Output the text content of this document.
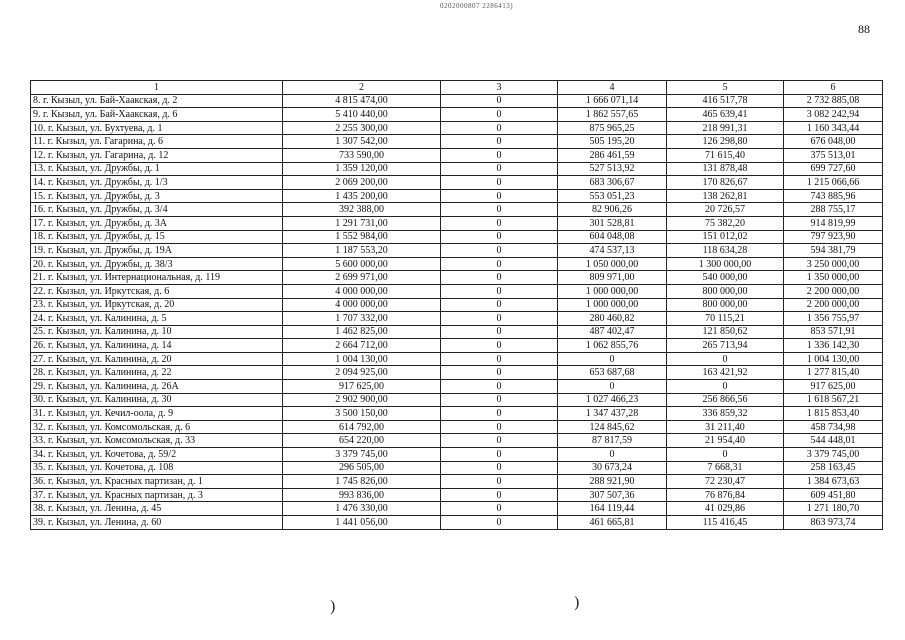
0202000807 2286413)
88
1	2	3	4	5	6
8. г. Кызыл, ул. Бай-Хаакская, д. 2	4 815 474,00	0	1 666 071,14	416 517,78	2 732 885,08
9. г. Кызыл, ул. Бай-Хаакская, д. 6	5 410 440,00	0	1 862 557,65	465 639,41	3 082 242,94
10. г. Кызыл, ул. Бухтуева, д. 1	2 255 300,00	0	875 965,25	218 991,31	1 160 343,44
11. г. Кызыл, ул. Гагарина, д. 6	1 307 542,00	0	505 195,20	126 298,80	676 048,00
12. г. Кызыл, ул. Гагарина, д. 12	733 590,00	0	286 461,59	71 615,40	375 513,01
13. г. Кызыл, ул. Дружбы, д. 1	1 359 120,00	0	527 513,92	131 878,48	699 727,60
14. г. Кызыл, ул. Дружбы, д. 1/3	2 069 200,00	0	683 306,67	170 826,67	1 215 066,66
15. г. Кызыл, ул. Дружбы, д. 3	1 435 200,00	0	553 051,23	138 262,81	743 885,96
16. г. Кызыл, ул. Дружбы, д. 3/4	392 388,00	0	82 906,26	20 726,57	288 755,17
17. г. Кызыл, ул. Дружбы, д. 3А	1 291 731,00	0	301 528,81	75 382,20	914 819,99
18. г. Кызыл, ул. Дружбы, д. 15	1 552 984,00	0	604 048,08	151 012,02	797 923,90
19. г. Кызыл, ул. Дружбы, д. 19А	1 187 553,20	0	474 537,13	118 634,28	594 381,79
20. г. Кызыл, ул. Дружбы, д. 38/3	5 600 000,00	0	1 050 000,00	1 300 000,00	3 250 000,00
21. г. Кызыл, ул. Интернациональная, д. 119	2 699 971,00	0	809 971,00	540 000,00	1 350 000,00
22. г. Кызыл, ул. Иркутская, д. 6	4 000 000,00	0	1 000 000,00	800 000,00	2 200 000,00
23. г. Кызыл, ул. Иркутская, д. 20	4 000 000,00	0	1 000 000,00	800 000,00	2 200 000,00
24. г. Кызыл, ул. Калинина, д. 5	1 707 332,00	0	280 460,82	70 115,21	1 356 755,97
25. г. Кызыл, ул. Калинина, д. 10	1 462 825,00	0	487 402,47	121 850,62	853 571,91
26. г. Кызыл, ул. Калинина, д. 14	2 664 712,00	0	1 062 855,76	265 713,94	1 336 142,30
27. г. Кызыл, ул. Калинина, д. 20	1 004 130,00	0	0	0	1 004 130,00
28. г. Кызыл, ул. Калинина, д. 22	2 094 925,00	0	653 687,68	163 421,92	1 277 815,40
29. г. Кызыл, ул. Калинина, д. 26А	917 625,00	0	0	0	917 625,00
30. г. Кызыл, ул. Калинина, д. 30	2 902 900,00	0	1 027 466,23	256 866,56	1 618 567,21
31. г. Кызыл, ул. Кечил-оола, д. 9	3 500 150,00	0	1 347 437,28	336 859,32	1 815 853,40
32. г. Кызыл, ул. Комсомольская, д. 6	614 792,00	0	124 845,62	31 211,40	458 734,98
33. г. Кызыл, ул. Комсомольская, д. 33	654 220,00	0	87 817,59	21 954,40	544 448,01
34. г. Кызыл, ул. Кочетова, д. 59/2	3 379 745,00	0	0	0	3 379 745,00
35. г. Кызыл, ул. Кочетова, д. 108	296 505,00	0	30 673,24	7 668,31	258 163,45
36. г. Кызыл, ул. Красных партизан, д. 1	1 745 826,00	0	288 921,90	72 230,47	1 384 673,63
37. г. Кызыл, ул. Красных партизан, д. 3	993 836,00	0	307 507,36	76 876,84	609 451,80
38. г. Кызыл, ул. Ленина, д. 45	1 476 330,00	0	164 119,44	41 029,86	1 271 180,70
39. г. Кызыл, ул. Ленина, д. 60	1 441 056,00	0	461 665,81	115 416,45	863 973,74
)	)
